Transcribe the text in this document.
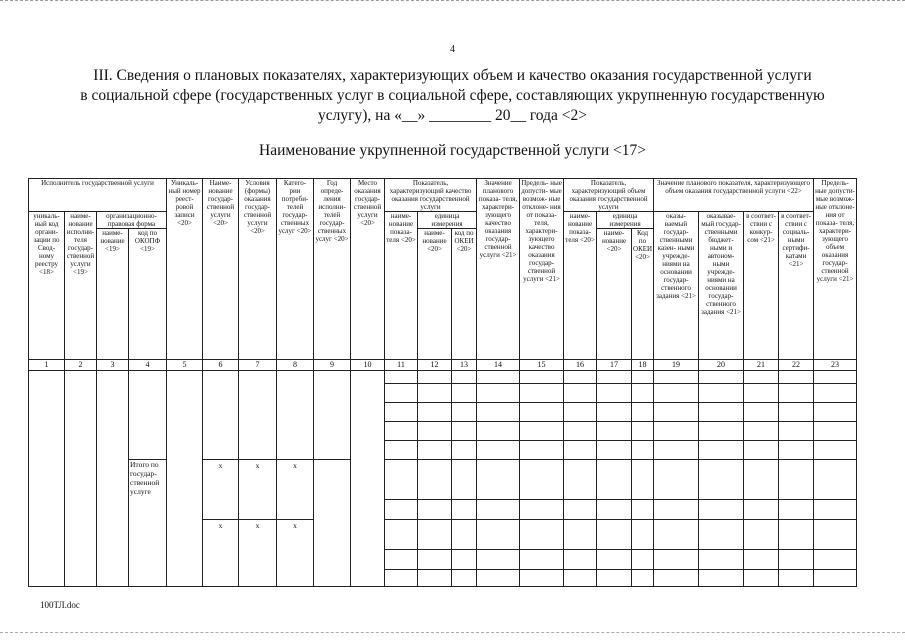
4
III. Сведения о плановых показателях, характеризующих объем и качество оказания государственной услуги
в социальной сфере (государственных услуг в социальной сфере, составляющих укрупненную государственную
услугу), на «__» ________ 20__ года <2>
Наименование укрупненной государственной услуги <17>
Исполнитель государственной услуги				Уникаль- ный номер реест- ровой записи <20>	Наиме- нование государ- ственной услуги <20>	Условия (формы) оказания государ- ственной услуги <20>	Катего- рии потреби- телей государ- ственных услуг <20>	Год опреде- ления исполни- телей государ- ственных услуг <20>	Место оказания государ- ственной услуги <20>	Показатель, характеризующий качество оказания государственной услуги			Значение планового показа- теля, характери- зующего качество оказания государ- ственной услуги <21>	Предель- ные допусти- мые возмож- ные отклоне- ния от показа- теля, характери- зующего качество оказания государ- ственной услуги <21>	Показатель, характеризующий объем оказания государственной услуги			Значение планового показателя, характеризующего объем оказания государственной услуги <22>				Предель- ные допусти- мые возмож- ные отклоне- ния от показа- теля, характери- зующего объем оказания государ- ственной услуги <21>
уникаль- ный код органи- зации по Свод- ному реестру <18>	наиме- нование исполни- теля государ- ственной услуги <19>	организационно- правовая форма								наиме- нование показа- теля <20>	единица измерения				наиме- нование показа- теля <20>	единица измерения		оказы- ваемый государ- ственными казен- ными учрежде- ниями на основании государ- ственного задания <21>	оказывае- мый государ- ственными бюджет- ными и автоном- ными учрежде- ниями на основании государ- ственного задания <21>	в соответ- ствии с конкур- сом <21>	в соответ- ствии с социаль- ными сертифи- катами <21>	
		наиме- нование <19>	код по ОКОПФ <19>								наиме- нование <20>	код по ОКЕИ <20>				наиме- нование <20>	Код по ОКЕИ <20>					
1	2	3	4	5	6	7	8	9	10	11	12	13	14	15	16	17	18	19	20	21	22	23

			Итого по государ- ственной услуге		x	x	x															

					x	x	x															

100ТЛ.doc
